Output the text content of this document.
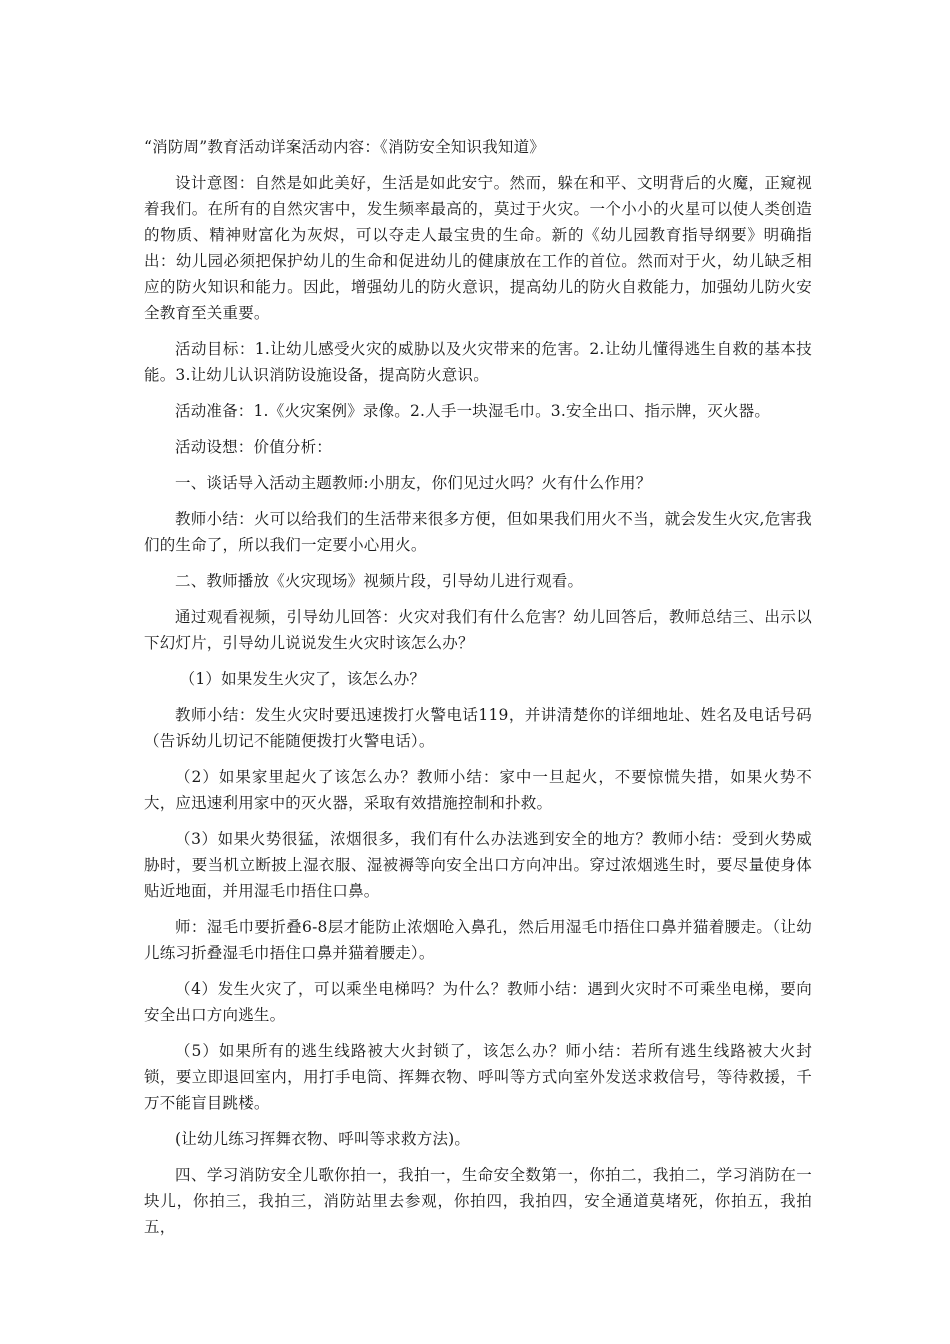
“消防周”教育活动详案活动内容：《消防安全知识我知道》

设计意图：自然是如此美好，生活是如此安宁。然而，躲在和平、文明背后的火魔，正窥视着我们。在所有的自然灾害中，发生频率最高的，莫过于火灾。一个小小的火星可以使人类创造的物质、精神财富化为灰烬，可以夺走人最宝贵的生命。新的《幼儿园教育指导纲要》明确指出：幼儿园必须把保护幼儿的生命和促进幼儿的健康放在工作的首位。然而对于火，幼儿缺乏相应的防火知识和能力。因此，增强幼儿的防火意识，提高幼儿的防火自救能力，加强幼儿防火安全教育至关重要。

活动目标：1.让幼儿感受火灾的威胁以及火灾带来的危害。2.让幼儿懂得逃生自救的基本技能。3.让幼儿认识消防设施设备，提高防火意识。

活动准备：1.《火灾案例》录像。2.人手一块湿毛巾。3.安全出口、指示牌，灭火器。

活动设想：价值分析：

一、谈话导入活动主题教师:小朋友，你们见过火吗？火有什么作用？

教师小结：火可以给我们的生活带来很多方便，但如果我们用火不当，就会发生火灾,危害我们的生命了，所以我们一定要小心用火。

二、教师播放《火灾现场》视频片段，引导幼儿进行观看。

通过观看视频，引导幼儿回答：火灾对我们有什么危害？幼儿回答后，教师总结三、出示以下幻灯片，引导幼儿说说发生火灾时该怎么办？

（1）如果发生火灾了，该怎么办？

教师小结：发生火灾时要迅速拨打火警电话119，并讲清楚你的详细地址、姓名及电话号码（告诉幼儿切记不能随便拨打火警电话）。

（2）如果家里起火了该怎么办？教师小结：家中一旦起火，不要惊慌失措，如果火势不大，应迅速利用家中的灭火器，采取有效措施控制和扑救。

（3）如果火势很猛，浓烟很多，我们有什么办法逃到安全的地方？教师小结：受到火势威胁时，要当机立断披上湿衣服、湿被褥等向安全出口方向冲出。穿过浓烟逃生时，要尽量使身体贴近地面，并用湿毛巾捂住口鼻。

师：湿毛巾要折叠6-8层才能防止浓烟呛入鼻孔，然后用湿毛巾捂住口鼻并猫着腰走。（让幼儿练习折叠湿毛巾捂住口鼻并猫着腰走）。

（4）发生火灾了，可以乘坐电梯吗？为什么？教师小结：遇到火灾时不可乘坐电梯，要向安全出口方向逃生。

（5）如果所有的逃生线路被大火封锁了，该怎么办？师小结：若所有逃生线路被大火封锁，要立即退回室内，用打手电筒、挥舞衣物、呼叫等方式向室外发送求救信号，等待救援，千万不能盲目跳楼。

(让幼儿练习挥舞衣物、呼叫等求救方法)。

四、学习消防安全儿歌你拍一，我拍一，生命安全数第一，你拍二，我拍二，学习消防在一块儿，你拍三，我拍三，消防站里去参观，你拍四，我拍四，安全通道莫堵死，你拍五，我拍五，
